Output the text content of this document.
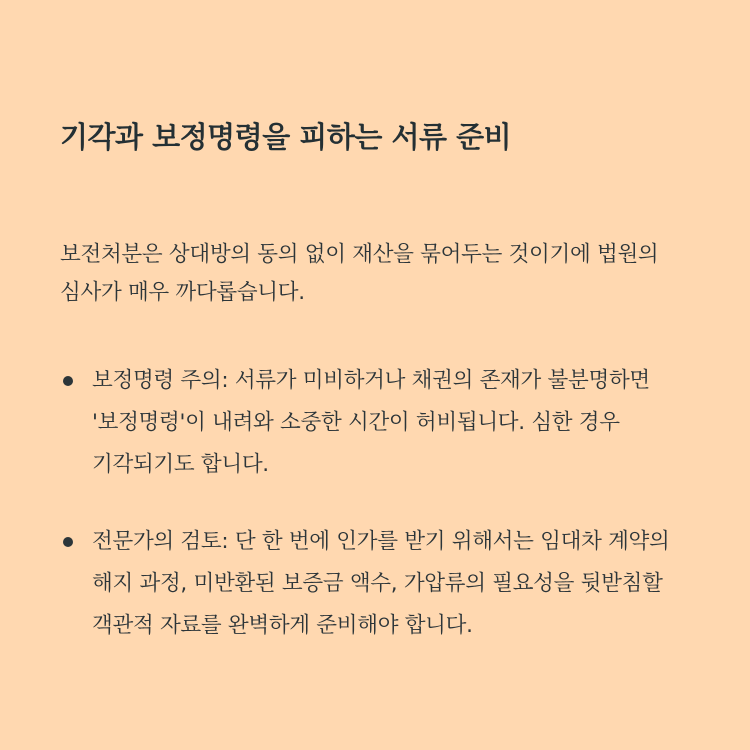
기각과 보정명령을 피하는 서류 준비

보전처분은 상대방의 동의 없이 재산을 묶어두는 것이기에 법원의 심사가 매우 까다롭습니다.

보정명령 주의: 서류가 미비하거나 채권의 존재가 불분명하면 '보정명령'이 내려와 소중한 시간이 허비됩니다. 심한 경우 기각되기도 합니다.
전문가의 검토: 단 한 번에 인가를 받기 위해서는 임대차 계약의 해지 과정, 미반환된 보증금 액수, 가압류의 필요성을 뒷받침할 객관적 자료를 완벽하게 준비해야 합니다.
